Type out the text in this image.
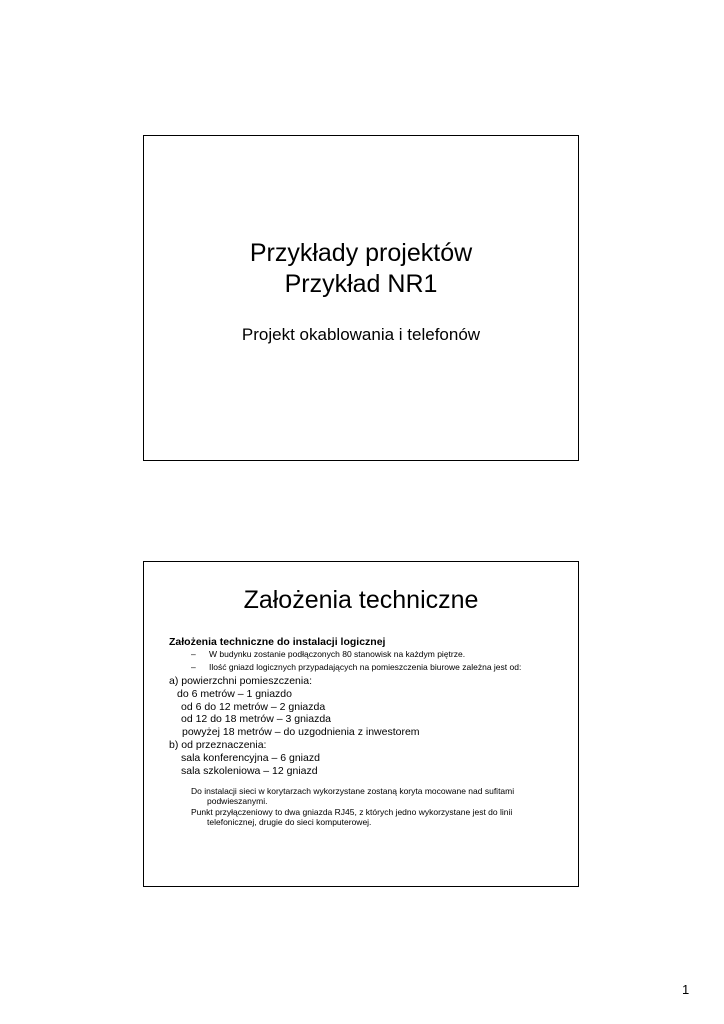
Przykłady projektów
Przykład NR1
Projekt okablowania i telefonów
Założenia techniczne
Założenia techniczne do instalacji logicznej
– W budynku zostanie podłączonych 80 stanowisk na każdym piętrze.
– Ilość gniazd logicznych przypadających na pomieszczenia biurowe zależna jest od:
a) powierzchni pomieszczenia:
do 6 metrów – 1 gniazdo
od 6 do 12 metrów – 2 gniazda
od 12 do 18 metrów – 3 gniazda
powyżej 18 metrów – do uzgodnienia z inwestorem
b) od przeznaczenia:
sala konferencyjna – 6 gniazd
sala szkoleniowa – 12 gniazd
Do instalacji sieci w korytarzach wykorzystane zostaną koryta mocowane nad sufitami podwieszanymi.
Punkt przyłączeniowy to dwa gniazda RJ45, z których jedno wykorzystane jest do linii telefonicznej, drugie do sieci komputerowej.
1
